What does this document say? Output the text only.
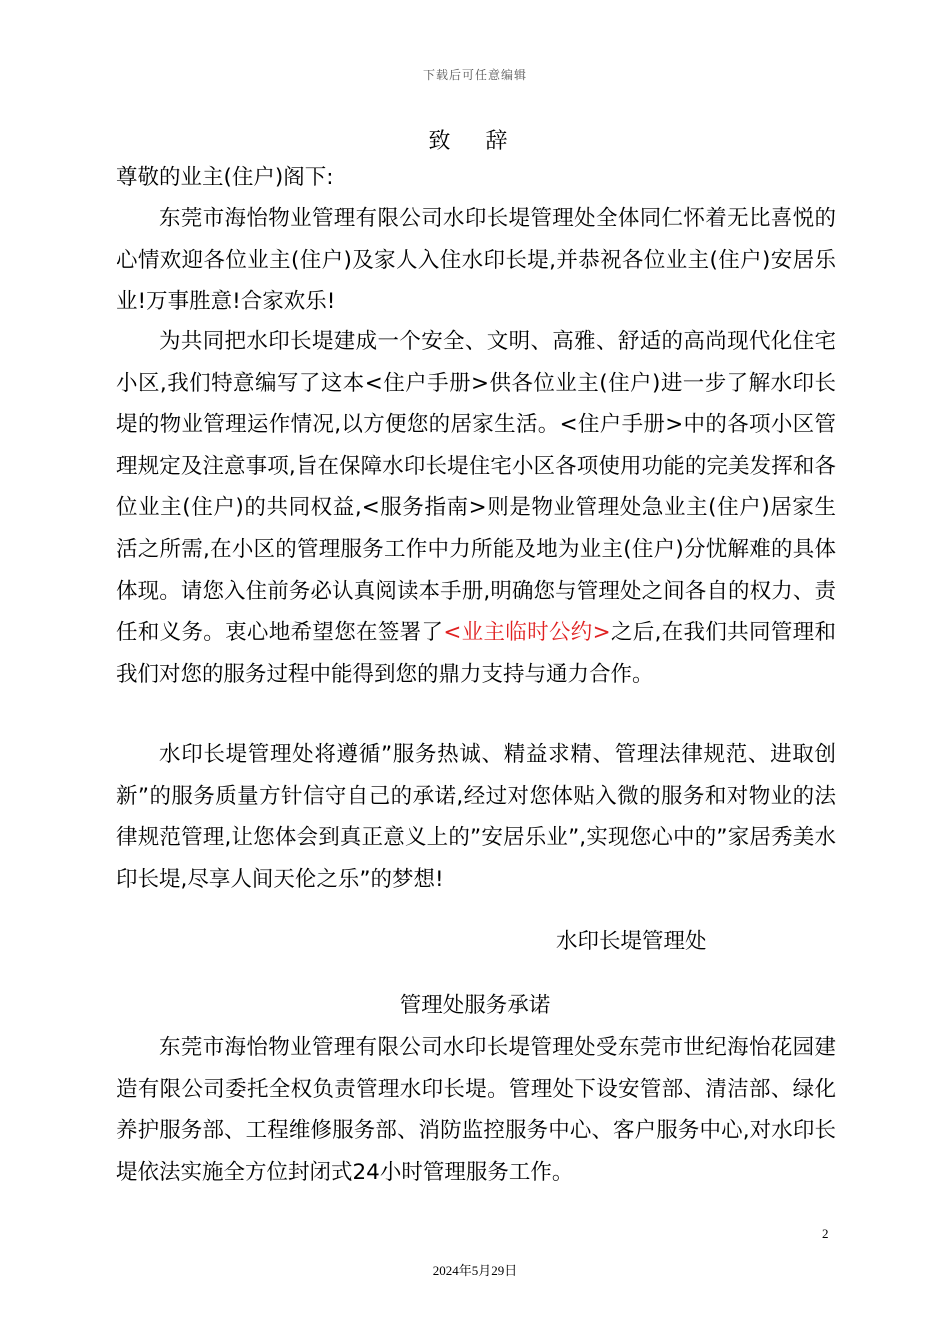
下载后可任意编辑
致 辞
尊敬的业主(住户)阁下:

东莞市海怡物业管理有限公司水印长堤管理处全体同仁怀着无比喜悦的心情欢迎各位业主(住户)及家人入住水印长堤,并恭祝各位业主(住户)安居乐业!万事胜意!合家欢乐!

为共同把水印长堤建成一个安全、文明、高雅、舒适的高尚现代化住宅小区,我们特意编写了这本<住户手册>供各位业主(住户)进一步了解水印长堤的物业管理运作情况,以方便您的居家生活。<住户手册>中的各项小区管理规定及注意事项,旨在保障水印长堤住宅小区各项使用功能的完美发挥和各位业主(住户)的共同权益,<服务指南>则是物业管理处急业主(住户)居家生活之所需,在小区的管理服务工作中力所能及地为业主(住户)分忧解难的具体体现。请您入住前务必认真阅读本手册,明确您与管理处之间各自的权力、责任和义务。衷心地希望您在签署了<业主临时公约>之后,在我们共同管理和我们对您的服务过程中能得到您的鼎力支持与通力合作。

水印长堤管理处将遵循”服务热诚、精益求精、管理法律规范、进取创新”的服务质量方针信守自己的承诺,经过对您体贴入微的服务和对物业的法律规范管理,让您体会到真正意义上的”安居乐业”,实现您心中的”家居秀美水印长堤,尽享人间天伦之乐”的梦想!

水印长堤管理处
管理处服务承诺

东莞市海怡物业管理有限公司水印长堤管理处受东莞市世纪海怡花园建造有限公司委托全权负责管理水印长堤。管理处下设安管部、清洁部、绿化养护服务部、工程维修服务部、消防监控服务中心、客户服务中心,对水印长堤依法实施全方位封闭式24小时管理服务工作。

2
2024年5月29日
